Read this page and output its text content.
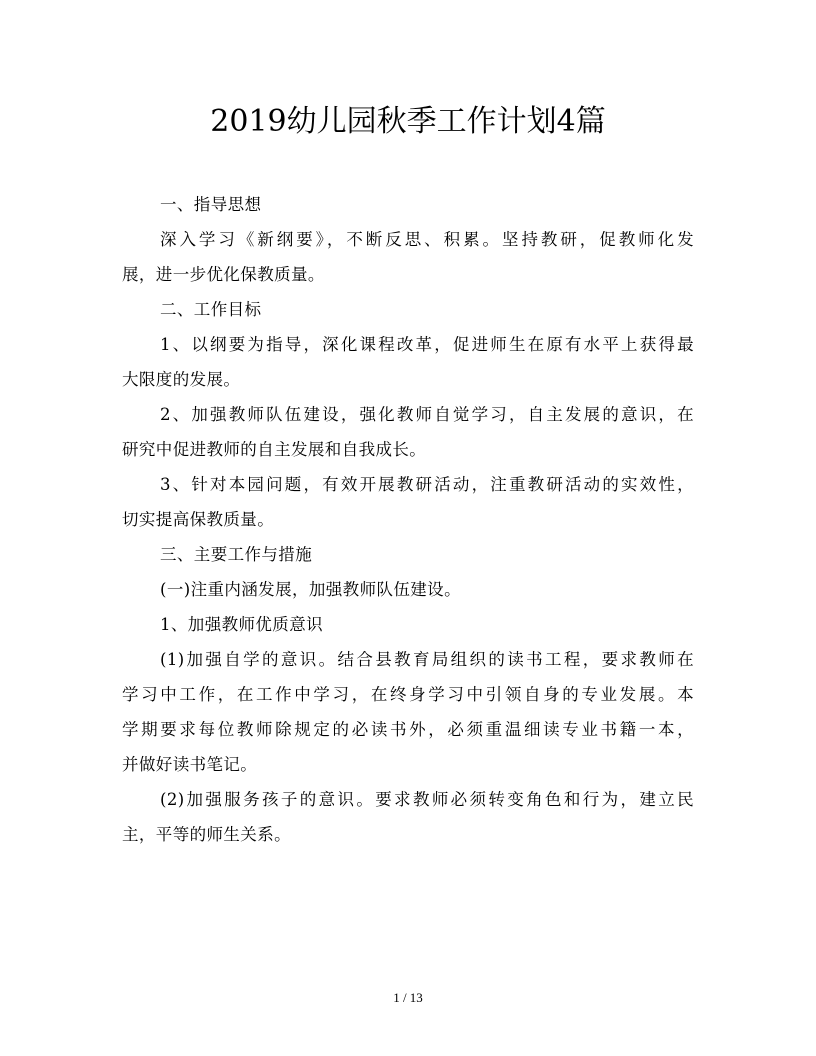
2019幼儿园秋季工作计划4篇
一、指导思想
深入学习《新纲要》，不断反思、积累。坚持教研，促教师化发
展，进一步优化保教质量。
二、工作目标
1、以纲要为指导，深化课程改革，促进师生在原有水平上获得最
大限度的发展。
2、加强教师队伍建设，强化教师自觉学习，自主发展的意识，在
研究中促进教师的自主发展和自我成长。
3、针对本园问题，有效开展教研活动，注重教研活动的实效性，
切实提高保教质量。
三、主要工作与措施
(一)注重内涵发展，加强教师队伍建设。
1、加强教师优质意识
(1)加强自学的意识。结合县教育局组织的读书工程，要求教师在
学习中工作，在工作中学习，在终身学习中引领自身的专业发展。本
学期要求每位教师除规定的必读书外，必须重温细读专业书籍一本，
并做好读书笔记。
(2)加强服务孩子的意识。要求教师必须转变角色和行为，建立民
主，平等的师生关系。
1 / 13
